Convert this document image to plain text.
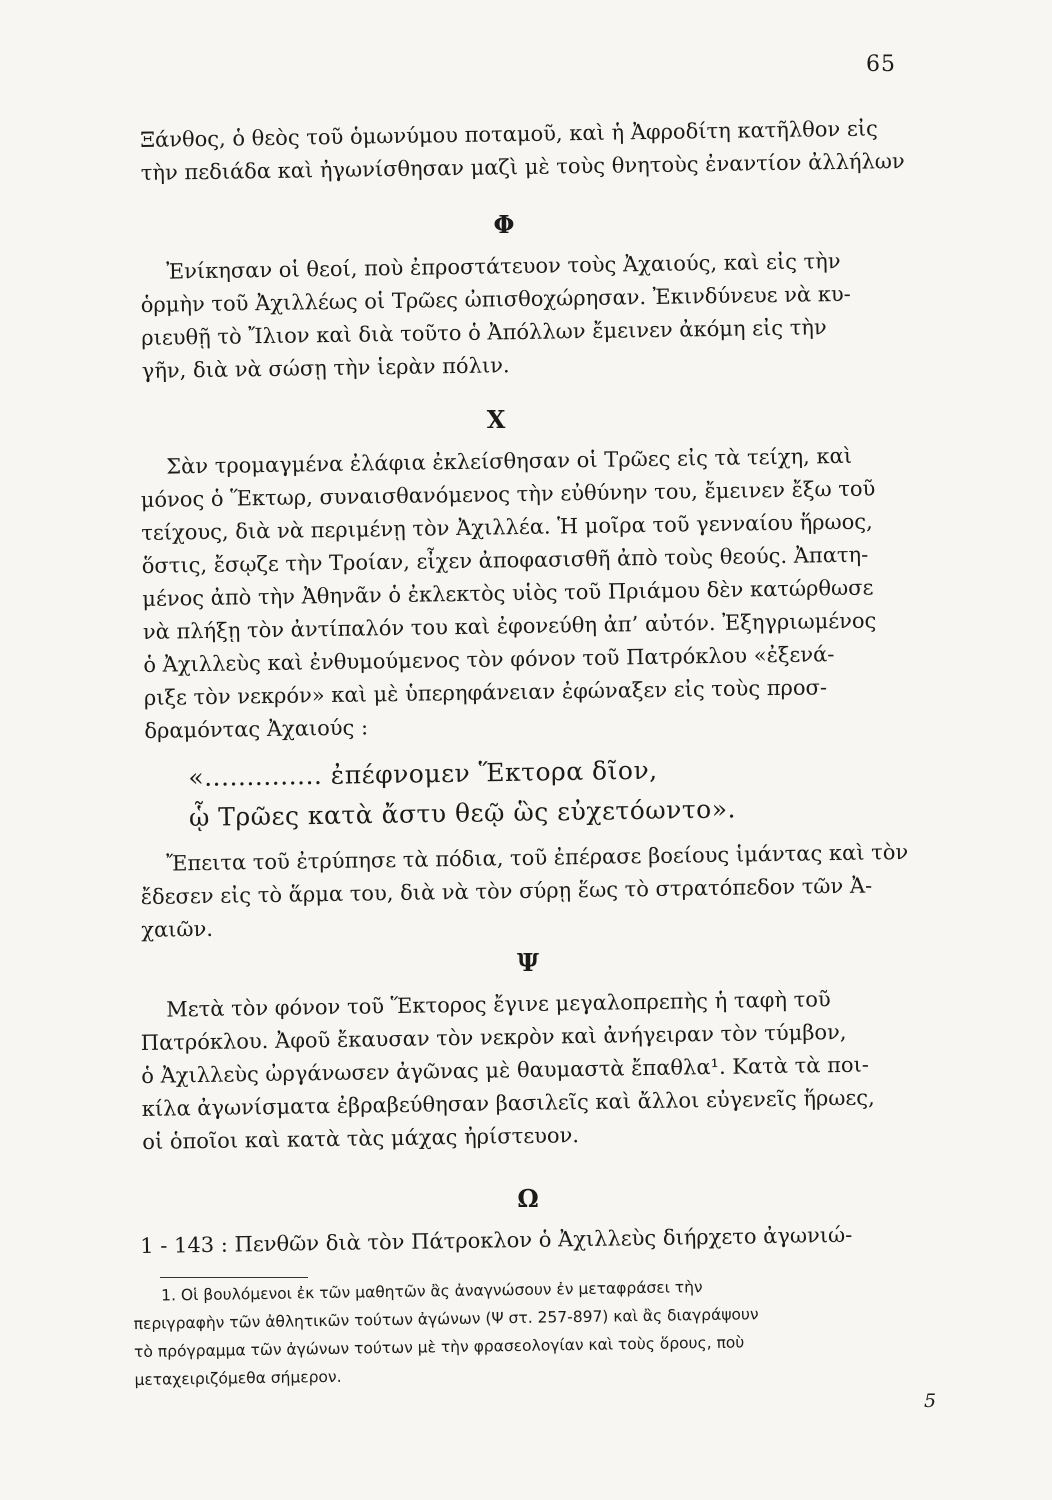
65
Ξάνθος, ὁ θεὸς τοῦ ὁμωνύμου ποταμοῦ, καὶ ἡ Ἀφροδίτη κατῆλθον εἰς
τὴν πεδιάδα καὶ ἠγωνίσθησαν μαζὶ μὲ τοὺς θνητοὺς ἐναντίον ἀλλήλων
Φ
Ἐνίκησαν οἱ θεοί, ποὺ ἐπροστάτευον τοὺς Ἀχαιούς, καὶ εἰς τὴν
ὁρμὴν τοῦ Ἀχιλλέως οἱ Τρῶες ὠπισθοχώρησαν. Ἐκινδύνευε νὰ κυ-
ριευθῇ τὸ Ἴλιον καὶ διὰ τοῦτο ὁ Ἀπόλλων ἔμεινεν ἀκόμη εἰς τὴν
γῆν, διὰ νὰ σώσῃ τὴν ἱερὰν πόλιν.
Χ
Σὰν τρομαγμένα ἐλάφια ἐκλείσθησαν οἱ Τρῶες εἰς τὰ τείχη, καὶ
μόνος ὁ Ἕκτωρ, συναισθανόμενος τὴν εὐθύνην του, ἔμεινεν ἔξω τοῦ
τείχους, διὰ νὰ περιμένῃ τὸν Ἀχιλλέα. Ἡ μοῖρα τοῦ γενναίου ἥρωος,
ὅστις, ἔσῳζε τὴν Τροίαν, εἶχεν ἀποφασισθῆ ἀπὸ τοὺς θεούς. Ἀπατη-
μένος ἀπὸ τὴν Ἀθηνᾶν ὁ ἐκλεκτὸς υἱὸς τοῦ Πριάμου δὲν κατώρθωσε
νὰ πλήξῃ τὸν ἀντίπαλόν του καὶ ἐφονεύθη ἀπ’ αὐτόν. Ἐξηγριωμένος
ὁ Ἀχιλλεὺς καὶ ἐνθυμούμενος τὸν φόνον τοῦ Πατρόκλου «ἐξενά-
ριξε τὸν νεκρόν» καὶ μὲ ὑπερηφάνειαν ἐφώναξεν εἰς τοὺς προσ-
δραμόντας Ἀχαιούς :
«.............. ἐπέφνομεν Ἕκτορα δῖον,
ᾧ Τρῶες κατὰ ἄστυ θεῷ ὣς εὐχετόωντο».
Ἔπειτα τοῦ ἐτρύπησε τὰ πόδια, τοῦ ἐπέρασε βοείους ἱμάντας καὶ τὸν
ἔδεσεν εἰς τὸ ἅρμα του, διὰ νὰ τὸν σύρῃ ἕως τὸ στρατόπεδον τῶν Ἀ-
χαιῶν.
Ψ
Μετὰ τὸν φόνον τοῦ Ἕκτορος ἔγινε μεγαλοπρεπὴς ἡ ταφὴ τοῦ
Πατρόκλου. Ἀφοῦ ἔκαυσαν τὸν νεκρὸν καὶ ἀνήγειραν τὸν τύμβον,
ὁ Ἀχιλλεὺς ὠργάνωσεν ἀγῶνας μὲ θαυμαστὰ ἔπαθλα¹. Κατὰ τὰ ποι-
κίλα ἀγωνίσματα ἐβραβεύθησαν βασιλεῖς καὶ ἄλλοι εὐγενεῖς ἥρωες,
οἱ ὁποῖοι καὶ κατὰ τὰς μάχας ἠρίστευον.
Ω
1 - 143 : Πενθῶν διὰ τὸν Πάτροκλον ὁ Ἀχιλλεὺς διήρχετο ἀγωνιώ-
1. Οἱ βουλόμενοι ἐκ τῶν μαθητῶν ἂς ἀναγνώσουν ἐν μεταφράσει τὴν
περιγραφὴν τῶν ἀθλητικῶν τούτων ἀγώνων (Ψ στ. 257-897) καὶ ἂς διαγράψουν
τὸ πρόγραμμα τῶν ἀγώνων τούτων μὲ τὴν φρασεολογίαν καὶ τοὺς ὅρους, ποὺ
μεταχειριζόμεθα σήμερον.
5
